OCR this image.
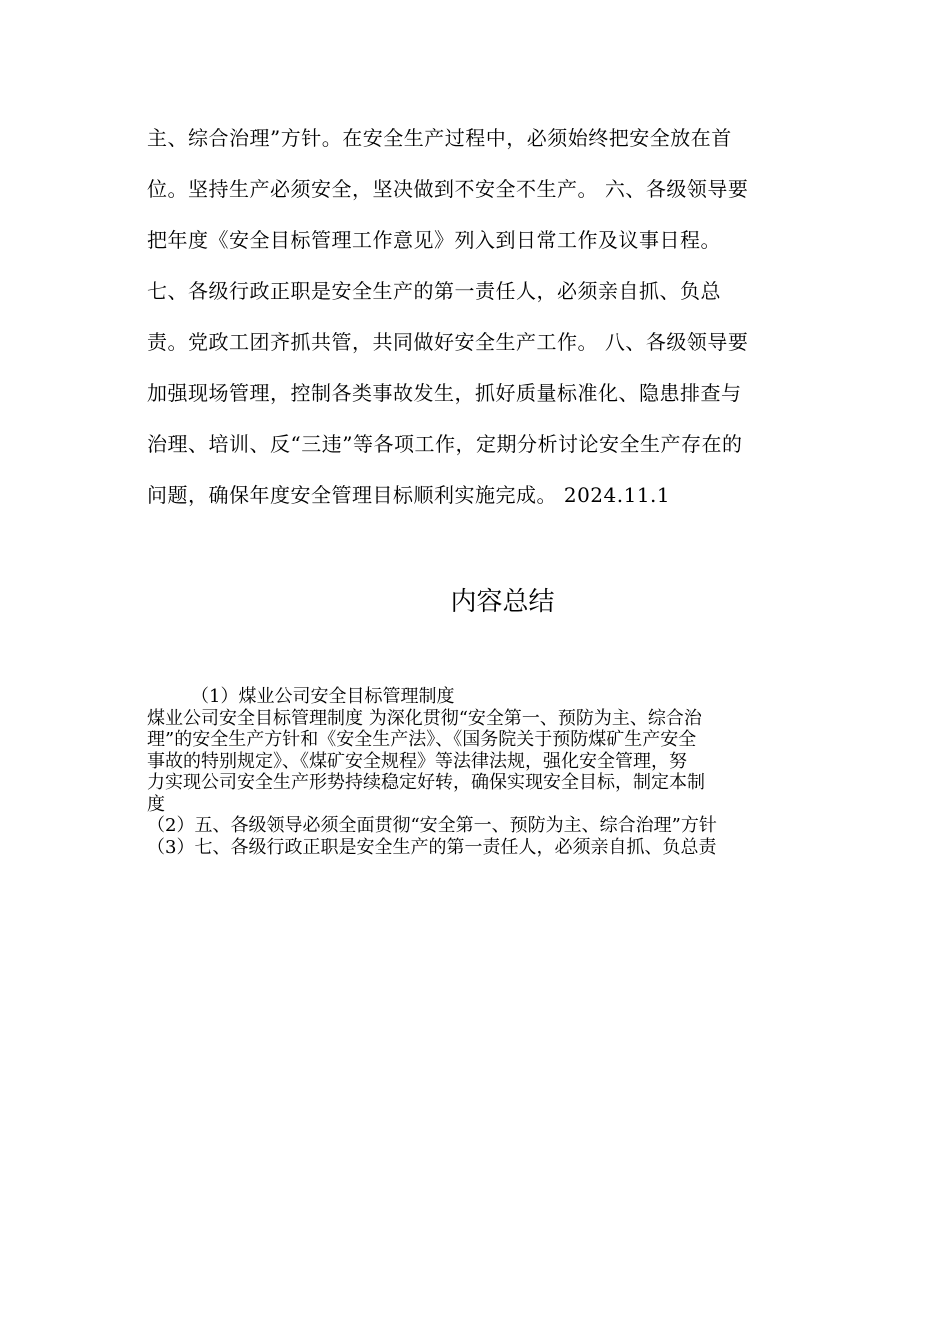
主、综合治理”方针。在安全生产过程中，必须始终把安全放在首
位。坚持生产必须安全，坚决做到不安全不生产。 六、各级领导要
把年度《安全目标管理工作意见》列入到日常工作及议事日程。
七、各级行政正职是安全生产的第一责任人，必须亲自抓、负总
责。党政工团齐抓共管，共同做好安全生产工作。 八、各级领导要
加强现场管理，控制各类事故发生，抓好质量标准化、隐患排查与
治理、培训、反“三违”等各项工作，定期分析讨论安全生产存在的
问题，确保年度安全管理目标顺利实施完成。 2024.11.1
内容总结
（1）煤业公司安全目标管理制度
煤业公司安全目标管理制度 为深化贯彻“安全第一、预防为主、综合治
理”的安全生产方针和《安全生产法》、《国务院关于预防煤矿生产安全
事故的特别规定》、《煤矿安全规程》等法律法规，强化安全管理，努
力实现公司安全生产形势持续稳定好转，确保实现安全目标，制定本制
度
（2）五、各级领导必须全面贯彻“安全第一、预防为主、综合治理”方针
（3）七、各级行政正职是安全生产的第一责任人，必须亲自抓、负总责
